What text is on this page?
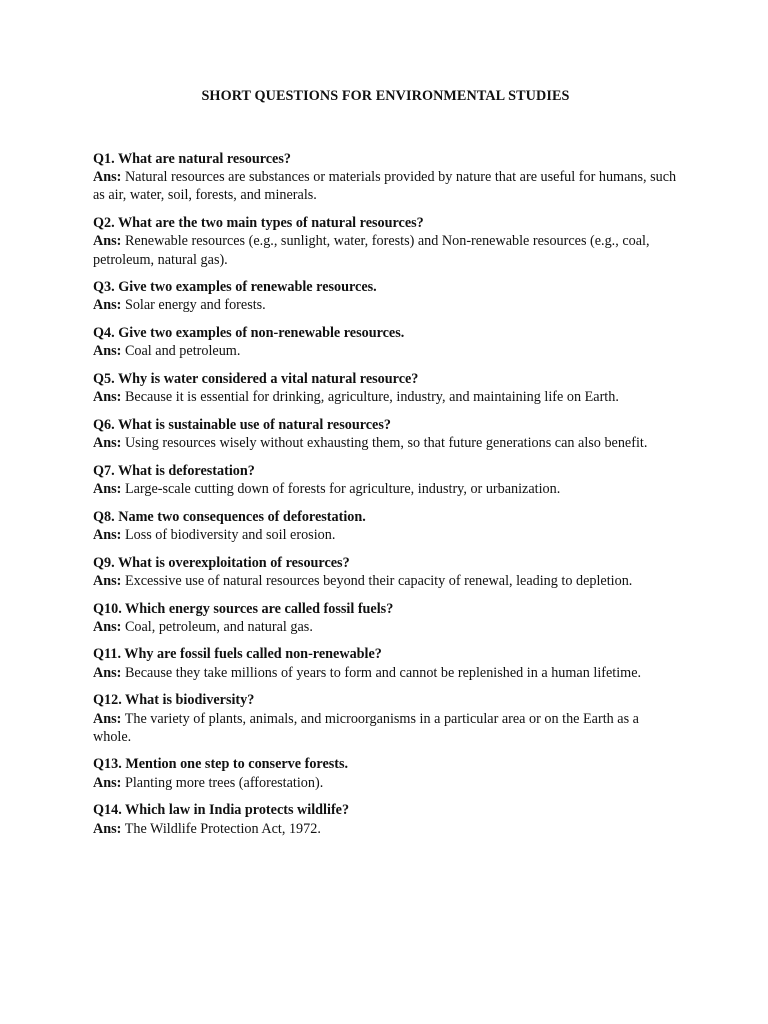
SHORT QUESTIONS FOR ENVIRONMENTAL STUDIES
Q1. What are natural resources?
Ans: Natural resources are substances or materials provided by nature that are useful for humans, such as air, water, soil, forests, and minerals.
Q2. What are the two main types of natural resources?
Ans: Renewable resources (e.g., sunlight, water, forests) and Non-renewable resources (e.g., coal, petroleum, natural gas).
Q3. Give two examples of renewable resources.
Ans: Solar energy and forests.
Q4. Give two examples of non-renewable resources.
Ans: Coal and petroleum.
Q5. Why is water considered a vital natural resource?
Ans: Because it is essential for drinking, agriculture, industry, and maintaining life on Earth.
Q6. What is sustainable use of natural resources?
Ans: Using resources wisely without exhausting them, so that future generations can also benefit.
Q7. What is deforestation?
Ans: Large-scale cutting down of forests for agriculture, industry, or urbanization.
Q8. Name two consequences of deforestation.
Ans: Loss of biodiversity and soil erosion.
Q9. What is overexploitation of resources?
Ans: Excessive use of natural resources beyond their capacity of renewal, leading to depletion.
Q10. Which energy sources are called fossil fuels?
Ans: Coal, petroleum, and natural gas.
Q11. Why are fossil fuels called non-renewable?
Ans: Because they take millions of years to form and cannot be replenished in a human lifetime.
Q12. What is biodiversity?
Ans: The variety of plants, animals, and microorganisms in a particular area or on the Earth as a whole.
Q13. Mention one step to conserve forests.
Ans: Planting more trees (afforestation).
Q14. Which law in India protects wildlife?
Ans: The Wildlife Protection Act, 1972.
